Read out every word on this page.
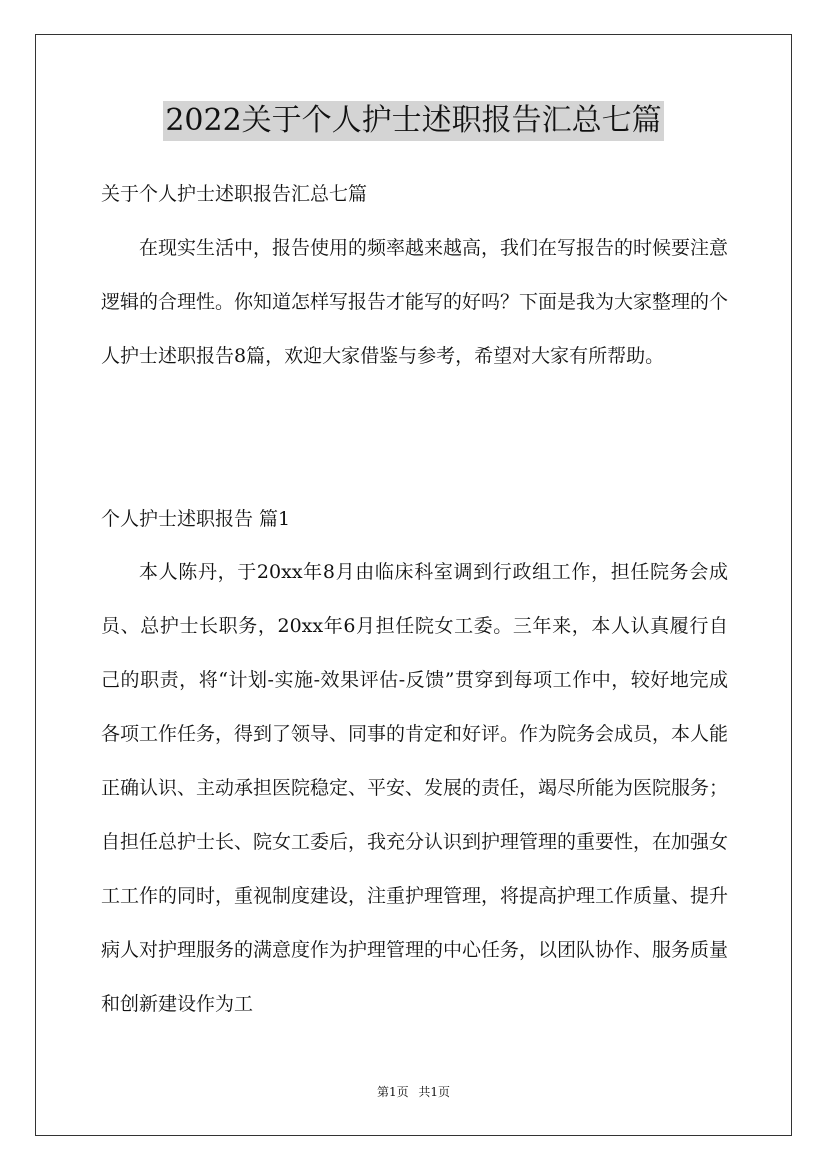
2022关于个人护士述职报告汇总七篇
关于个人护士述职报告汇总七篇

在现实生活中，报告使用的频率越来越高，我们在写报告的时候要注意逻辑的合理性。你知道怎样写报告才能写的好吗？下面是我为大家整理的个人护士述职报告8篇，欢迎大家借鉴与参考，希望对大家有所帮助。

个人护士述职报告 篇1

本人陈丹，于20xx年8月由临床科室调到行政组工作，担任院务会成员、总护士长职务，20xx年6月担任院女工委。三年来，本人认真履行自己的职责，将“计划-实施-效果评估-反馈”贯穿到每项工作中，较好地完成各项工作任务，得到了领导、同事的肯定和好评。作为院务会成员，本人能正确认识、主动承担医院稳定、平安、发展的责任，竭尽所能为医院服务；自担任总护士长、院女工委后，我充分认识到护理管理的重要性，在加强女工工作的同时，重视制度建设，注重护理管理，将提高护理工作质量、提升病人对护理服务的满意度作为护理管理的中心任务，以团队协作、服务质量和创新建设作为工

第1页 共1页
